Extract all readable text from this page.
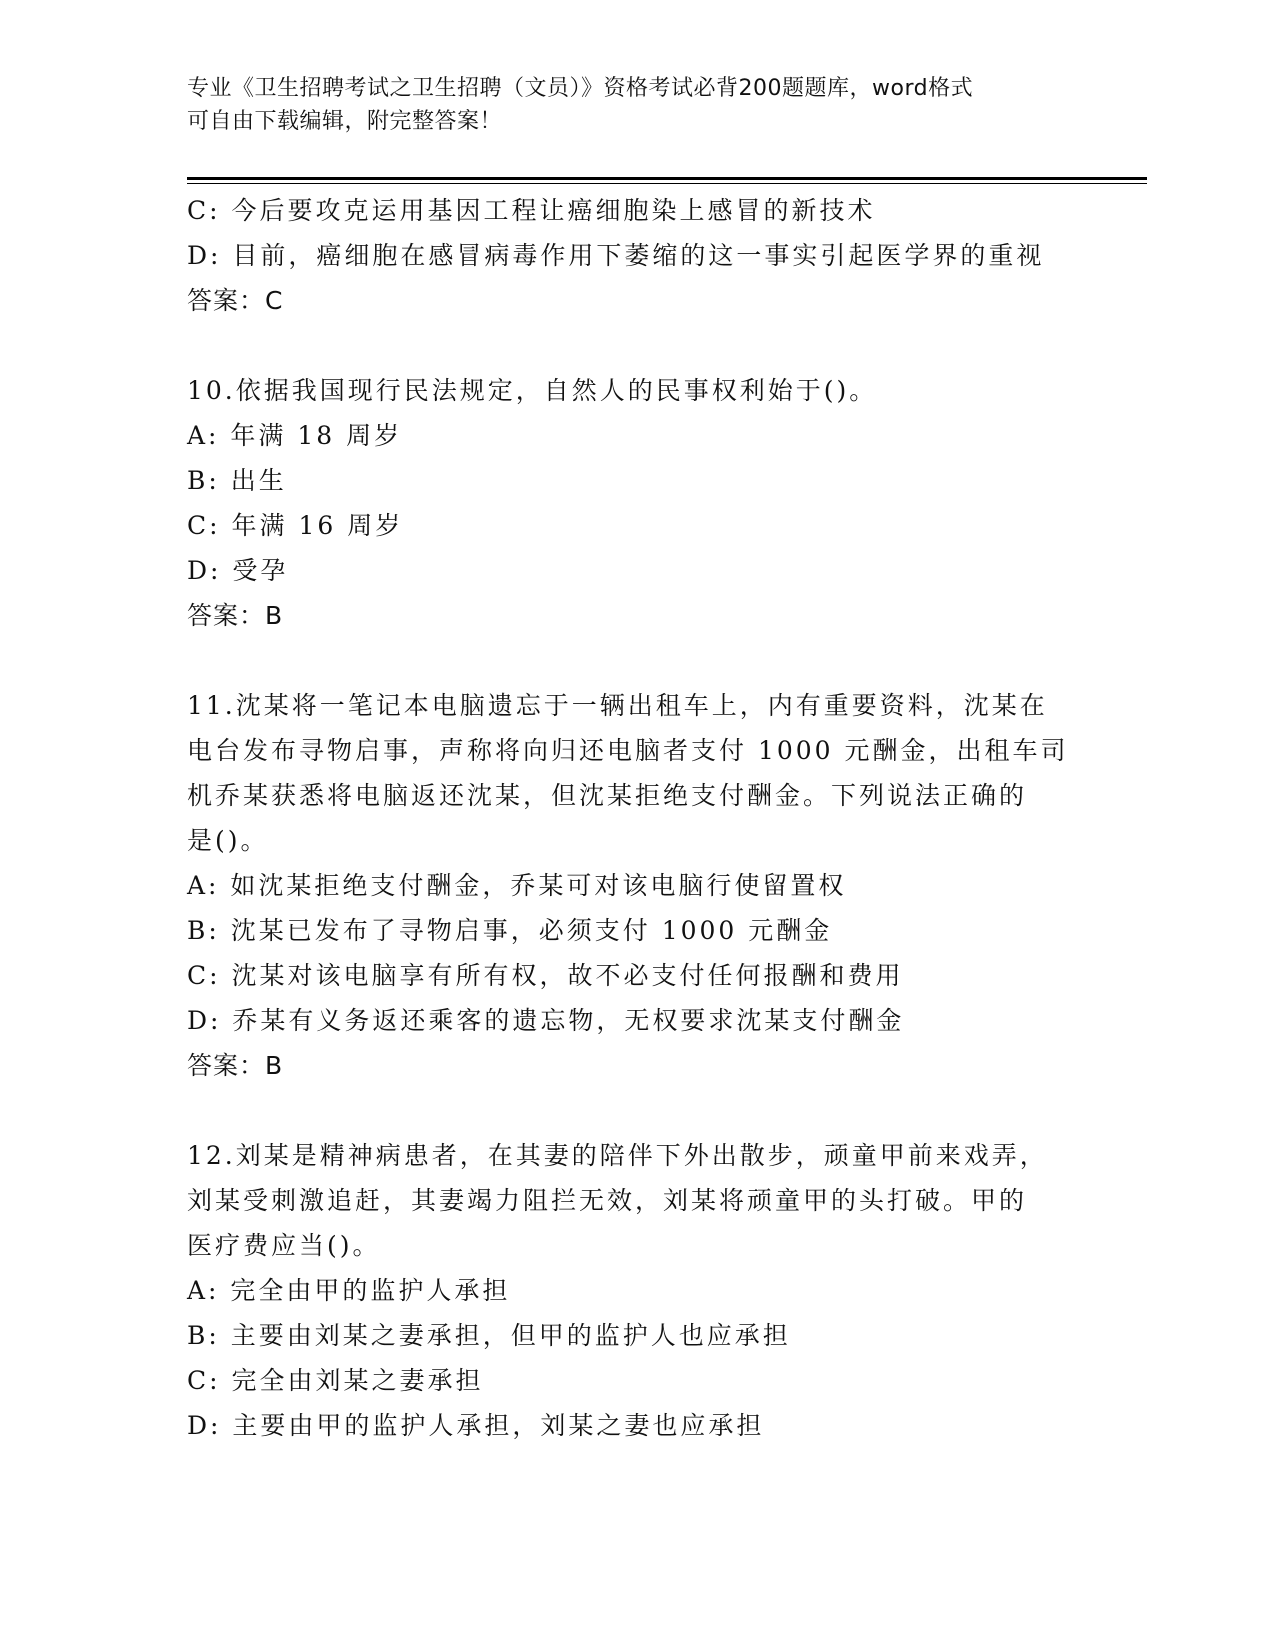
专业《卫生招聘考试之卫生招聘（文员）》资格考试必背200题题库，word格式
可自由下载编辑，附完整答案！
C: 今后要攻克运用基因工程让癌细胞染上感冒的新技术
D: 目前，癌细胞在感冒病毒作用下萎缩的这一事实引起医学界的重视
答案：C
10.依据我国现行民法规定，自然人的民事权利始于()。
A: 年满 18 周岁
B: 出生
C: 年满 16 周岁
D: 受孕
答案：B
11.沈某将一笔记本电脑遗忘于一辆出租车上，内有重要资料，沈某在
电台发布寻物启事，声称将向归还电脑者支付 1000 元酬金，出租车司
机乔某获悉将电脑返还沈某，但沈某拒绝支付酬金。下列说法正确的
是()。
A: 如沈某拒绝支付酬金，乔某可对该电脑行使留置权
B: 沈某已发布了寻物启事，必须支付 1000 元酬金
C: 沈某对该电脑享有所有权，故不必支付任何报酬和费用
D: 乔某有义务返还乘客的遗忘物，无权要求沈某支付酬金
答案：B
12.刘某是精神病患者，在其妻的陪伴下外出散步，顽童甲前来戏弄，
刘某受刺激追赶，其妻竭力阻拦无效，刘某将顽童甲的头打破。甲的
医疗费应当()。
A: 完全由甲的监护人承担
B: 主要由刘某之妻承担，但甲的监护人也应承担
C: 完全由刘某之妻承担
D: 主要由甲的监护人承担，刘某之妻也应承担
